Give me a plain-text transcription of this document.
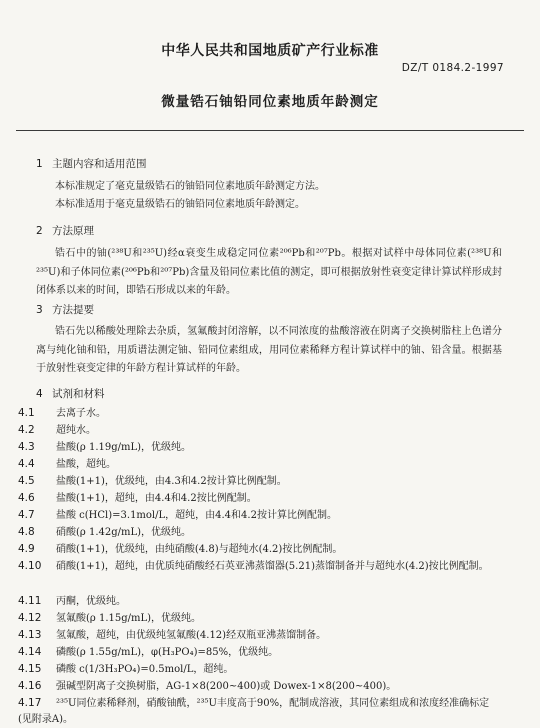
中华人民共和国地质矿产行业标准
DZ/T 0184.2-1997
微量锆石铀铅同位素地质年龄测定
1 主题内容和适用范围
本标准规定了毫克量级锆石的铀铅同位素地质年龄测定方法。
本标准适用于毫克量级锆石的铀铅同位素地质年龄测定。
2 方法原理
锆石中的铀(²³⁸U和²³⁵U)经α衰变生成稳定同位素²⁰⁶Pb和²⁰⁷Pb。根据对试样中母体同位素(²³⁸U和²³⁵U)和子体同位素(²⁰⁶Pb和²⁰⁷Pb)含量及铅同位素比值的测定，即可根据放射性衰变定律计算试样形成封闭体系以来的时间，即锆石形成以来的年龄。
3 方法提要
锆石先以稀酸处理除去杂质，氢氟酸封闭溶解，以不同浓度的盐酸溶液在阴离子交换树脂柱上色谱分离与纯化铀和铅，用质谱法测定铀、铅同位素组成，用同位素稀释方程计算试样中的铀、铅含量。根据基于放射性衰变定律的年龄方程计算试样的年龄。
4 试剂和材料
4.1 去离子水。
4.2 超纯水。
4.3 盐酸(ρ 1.19g/mL)，优级纯。
4.4 盐酸，超纯。
4.5 盐酸(1+1)，优级纯，由4.3和4.2按计算比例配制。
4.6 盐酸(1+1)，超纯，由4.4和4.2按比例配制。
4.7 盐酸 c(HCl)=3.1mol/L，超纯，由4.4和4.2按计算比例配制。
4.8 硝酸(ρ 1.42g/mL)，优级纯。
4.9 硝酸(1+1)，优级纯，由纯硝酸(4.8)与超纯水(4.2)按比例配制。
4.10 硝酸(1+1)，超纯，由优质纯硝酸经石英亚沸蒸馏器(5.21)蒸馏制备并与超纯水(4.2)按比例配制。
4.11 丙酮，优级纯。
4.12 氢氟酸(ρ 1.15g/mL)，优级纯。
4.13 氢氟酸，超纯，由优级纯氢氟酸(4.12)经双瓶亚沸蒸馏制备。
4.14 磷酸(ρ 1.55g/mL)，φ(H₃PO₄)=85%，优级纯。
4.15 磷酸 c(1/3H₃PO₄)=0.5mol/L，超纯。
4.16 强碱型阴离子交换树脂，AG-1×8(200~400)或 Dowex-1×8(200~400)。
4.17 ²³⁵U同位素稀释剂，硝酸铀酰，²³⁵U丰度高于90%，配制成溶液，其同位素组成和浓度经准确标定(见附录A)。
